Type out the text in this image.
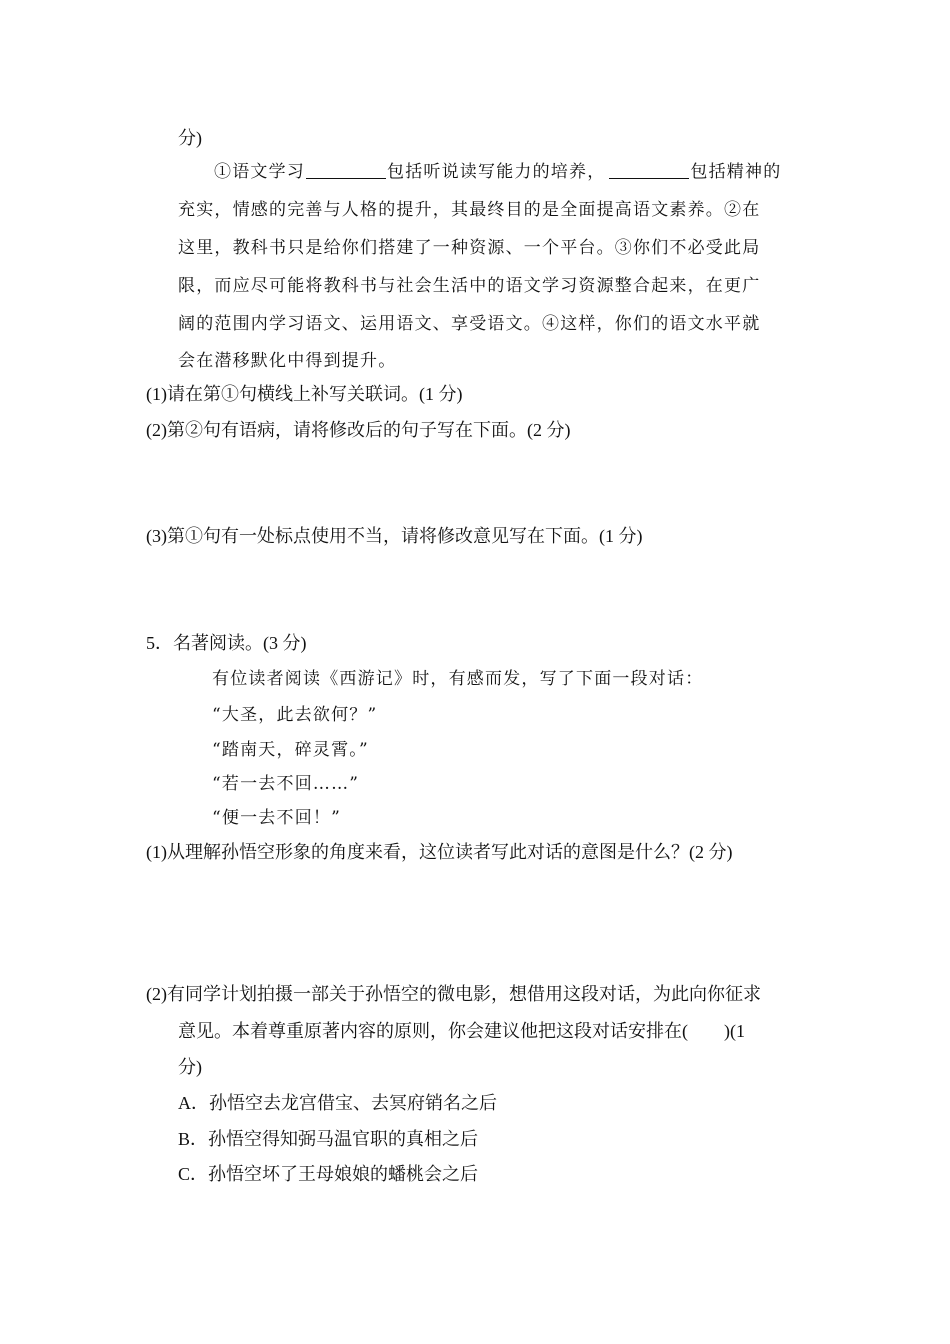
分)
①语文学习	包括听说读写能力的培养，	包括精神的
充实，情感的完善与人格的提升，其最终目的是全面提高语文素养。②在
这里，教科书只是给你们搭建了一种资源、一个平台。③你们不必受此局
限，而应尽可能将教科书与社会生活中的语文学习资源整合起来，在更广
阔的范围内学习语文、运用语文、享受语文。④这样，你们的语文水平就
会在潜移默化中得到提升。
(1)请在第①句横线上补写关联词。(1 分)
(2)第②句有语病，请将修改后的句子写在下面。(2 分)
(3)第①句有一处标点使用不当，请将修改意见写在下面。(1 分)
5．名著阅读。(3 分)
有位读者阅读《西游记》时，有感而发，写了下面一段对话：
“大圣，此去欲何？”
“踏南天，碎灵霄。”
“若一去不回……”
“便一去不回！”
(1)从理解孙悟空形象的角度来看，这位读者写此对话的意图是什么？(2 分)
(2)有同学计划拍摄一部关于孙悟空的微电影，想借用这段对话，为此向你征求
意见。本着尊重原著内容的原则，你会建议他把这段对话安排在(　　)(1
分)
A．孙悟空去龙宫借宝、去冥府销名之后
B．孙悟空得知弼马温官职的真相之后
C．孙悟空坏了王母娘娘的蟠桃会之后
